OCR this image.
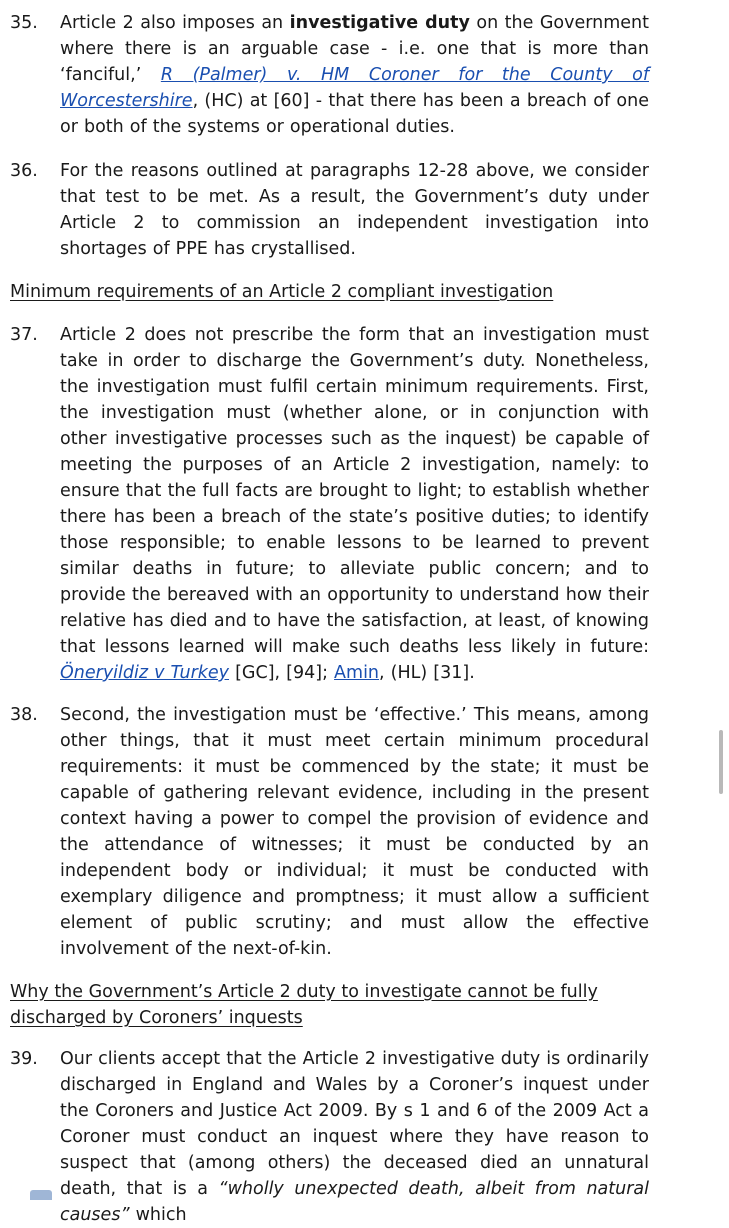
35. Article 2 also imposes an investigative duty on the Government where there is an arguable case - i.e. one that is more than ‘fanciful,’ R (Palmer) v. HM Coroner for the County of Worcestershire, (HC) at [60] - that there has been a breach of one or both of the systems or operational duties.
36. For the reasons outlined at paragraphs 12-28 above, we consider that test to be met. As a result, the Government’s duty under Article 2 to commission an independent investigation into shortages of PPE has crystallised.
Minimum requirements of an Article 2 compliant investigation
37. Article 2 does not prescribe the form that an investigation must take in order to discharge the Government’s duty. Nonetheless, the investigation must fulfil certain minimum requirements. First, the investigation must (whether alone, or in conjunction with other investigative processes such as the inquest) be capable of meeting the purposes of an Article 2 investigation, namely: to ensure that the full facts are brought to light; to establish whether there has been a breach of the state’s positive duties; to identify those responsible; to enable lessons to be learned to prevent similar deaths in future; to alleviate public concern; and to provide the bereaved with an opportunity to understand how their relative has died and to have the satisfaction, at least, of knowing that lessons learned will make such deaths less likely in future: Öneryildiz v Turkey [GC], [94]; Amin, (HL) [31].
38. Second, the investigation must be ‘effective.’ This means, among other things, that it must meet certain minimum procedural requirements: it must be commenced by the state; it must be capable of gathering relevant evidence, including in the present context having a power to compel the provision of evidence and the attendance of witnesses; it must be conducted by an independent body or individual; it must be conducted with exemplary diligence and promptness; it must allow a sufficient element of public scrutiny; and must allow the effective involvement of the next-of-kin.
Why the Government’s Article 2 duty to investigate cannot be fully discharged by Coroners’ inquests
39. Our clients accept that the Article 2 investigative duty is ordinarily discharged in England and Wales by a Coroner’s inquest under the Coroners and Justice Act 2009. By s 1 and 6 of the 2009 Act a Coroner must conduct an inquest where they have reason to suspect that (among others) the deceased died an unnatural death, that is a “wholly unexpected death, albeit from natural causes” which
